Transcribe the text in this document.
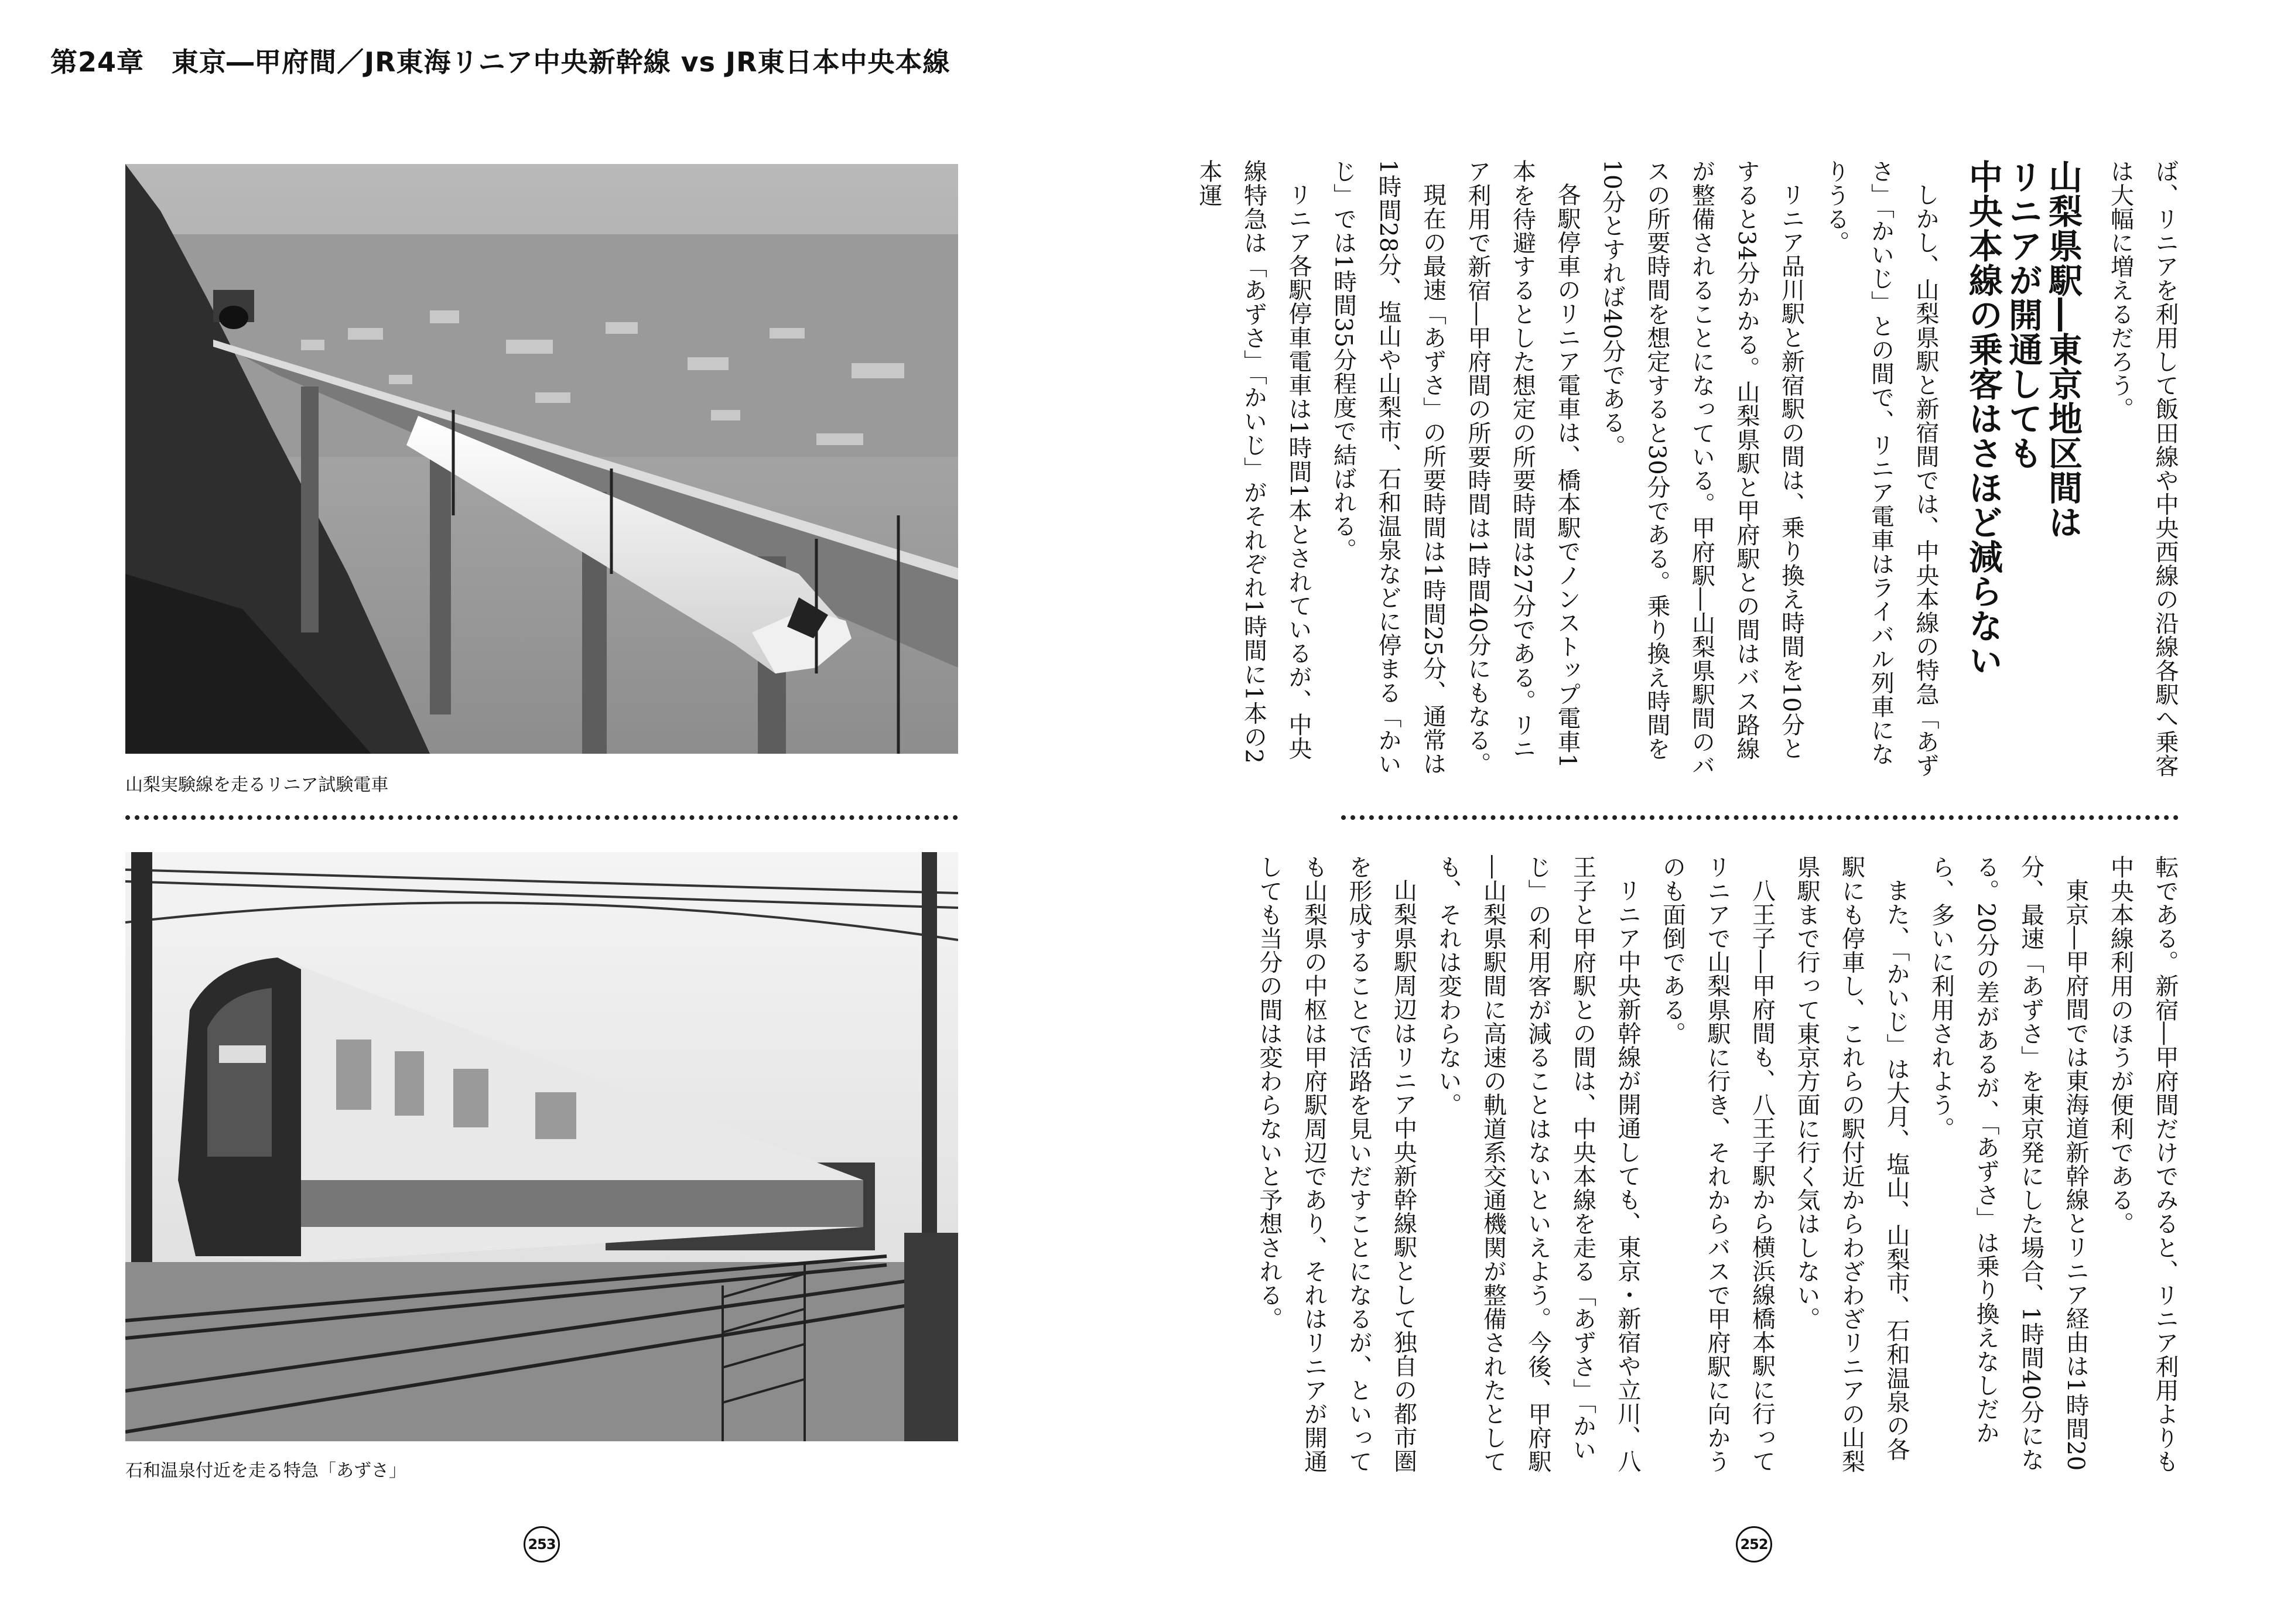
第24章　東京―甲府間／JR東海リニア中央新幹線 vs JR東日本中央本線
山梨実験線を走るリニア試験電車
石和温泉付近を走る特急「あずさ」
253

ば、リニアを利用して飯田線や中央西線の沿線各駅へ乗客は大幅に増えるだろう。

山梨県駅―東京地区間は
リニアが開通しても
中央本線の乗客はさほど減らない

しかし、山梨県駅と新宿間では、中央本線の特急「あずさ」「かいじ」との間で、リニア電車はライバル列車になりうる。

リニア品川駅と新宿駅の間は、乗り換え時間を10分とすると34分かかる。山梨県駅と甲府駅との間はバス路線が整備されることになっている。甲府駅―山梨県駅間のバスの所要時間を想定すると30分である。乗り換え時間を10分とすれば40分である。

各駅停車のリニア電車は、橋本駅でノンストップ電車1本を待避するとした想定の所要時間は27分である。リニア利用で新宿―甲府間の所要時間は1時間40分にもなる。

現在の最速「あずさ」の所要時間は1時間25分、通常は1時間28分、塩山や山梨市、石和温泉などに停まる「かいじ」では1時間35分程度で結ばれる。

リニア各駅停車電車は1時間1本とされているが、中央線特急は「あずさ」「かいじ」がそれぞれ1時間に1本の2本運

転である。新宿―甲府間だけでみると、リニア利用よりも中央本線利用のほうが便利である。

東京―甲府間では東海道新幹線とリニア経由は1時間20分、最速「あずさ」を東京発にした場合、1時間40分になる。20分の差があるが、「あずさ」は乗り換えなしだから、多いに利用されよう。

また、「かいじ」は大月、塩山、山梨市、石和温泉の各駅にも停車し、これらの駅付近からわざわざリニアの山梨県駅まで行って東京方面に行く気はしない。

八王子―甲府間も、八王子駅から横浜線橋本駅に行ってリニアで山梨県駅に行き、それからバスで甲府駅に向かうのも面倒である。

リニア中央新幹線が開通しても、東京・新宿や立川、八王子と甲府駅との間は、中央本線を走る「あずさ」「かいじ」の利用客が減ることはないといえよう。今後、甲府駅―山梨県駅間に高速の軌道系交通機関が整備されたとしても、それは変わらない。

山梨県駅周辺はリニア中央新幹線駅として独自の都市圏を形成することで活路を見いだすことになるが、といっても山梨県の中枢は甲府駅周辺であり、それはリニアが開通しても当分の間は変わらないと予想される。

252
